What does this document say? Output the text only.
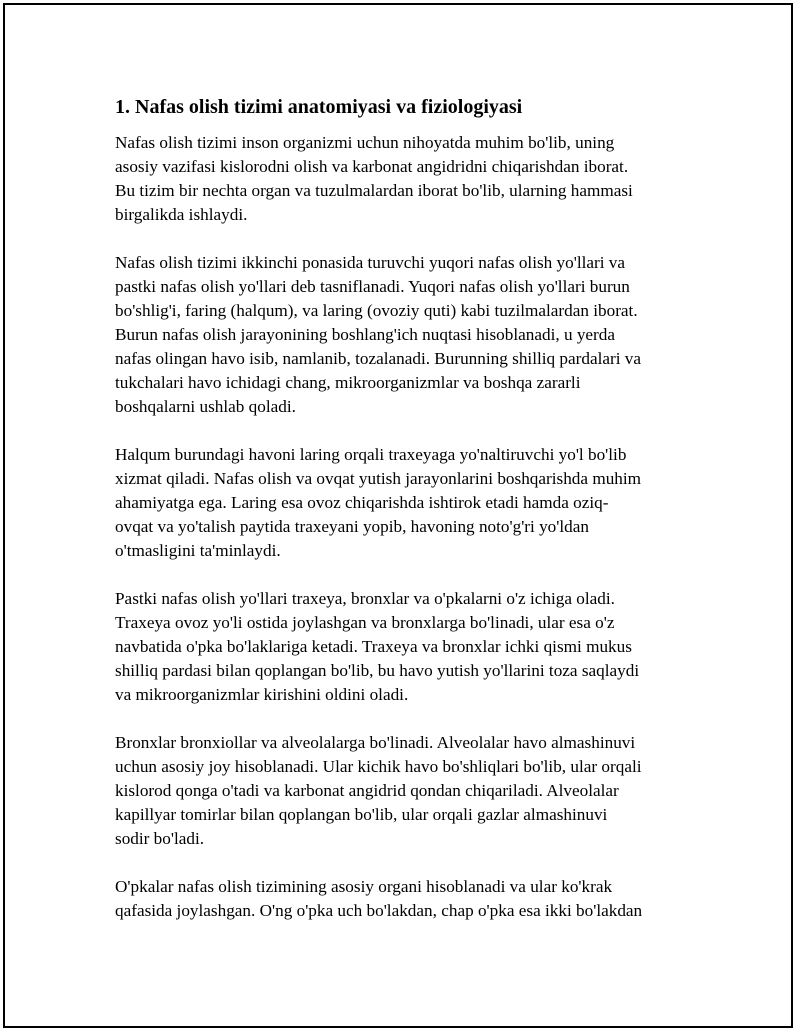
1. Nafas olish tizimi anatomiyasi va fiziologiyasi
Nafas olish tizimi inson organizmi uchun nihoyatda muhim bo'lib, uning
asosiy vazifasi kislorodni olish va karbonat angidridni chiqarishdan iborat.
Bu tizim bir nechta organ va tuzulmalardan iborat bo'lib, ularning hammasi
birgalikda ishlaydi.
Nafas olish tizimi ikkinchi ponasida turuvchi yuqori nafas olish yo'llari va
pastki nafas olish yo'llari deb tasniflanadi. Yuqori nafas olish yo'llari burun
bo'shlig'i, faring (halqum), va laring (ovoziy quti) kabi tuzilmalardan iborat.
Burun nafas olish jarayonining boshlang'ich nuqtasi hisoblanadi, u yerda
nafas olingan havo isib, namlanib, tozalanadi. Burunning shilliq pardalari va
tukchalari havo ichidagi chang, mikroorganizmlar va boshqa zararli
boshqalarni ushlab qoladi.
Halqum burundagi havoni laring orqali traxeyaga yo'naltiruvchi yo'l bo'lib
xizmat qiladi. Nafas olish va ovqat yutish jarayonlarini boshqarishda muhim
ahamiyatga ega. Laring esa ovoz chiqarishda ishtirok etadi hamda oziq-
ovqat va yo'talish paytida traxeyani yopib, havoning noto'g'ri yo'ldan
o'tmasligini ta'minlaydi.
Pastki nafas olish yo'llari traxeya, bronxlar va o'pkalarni o'z ichiga oladi.
Traxeya ovoz yo'li ostida joylashgan va bronxlarga bo'linadi, ular esa o'z
navbatida o'pka bo'laklariga ketadi. Traxeya va bronxlar ichki qismi mukus
shilliq pardasi bilan qoplangan bo'lib, bu havo yutish yo'llarini toza saqlaydi
va mikroorganizmlar kirishini oldini oladi.
Bronxlar bronxiollar va alveolalarga bo'linadi. Alveolalar havo almashinuvi
uchun asosiy joy hisoblanadi. Ular kichik havo bo'shliqlari bo'lib, ular orqali
kislorod qonga o'tadi va karbonat angidrid qondan chiqariladi. Alveolalar
kapillyar tomirlar bilan qoplangan bo'lib, ular orqali gazlar almashinuvi
sodir bo'ladi.
O'pkalar nafas olish tizimining asosiy organi hisoblanadi va ular ko'krak
qafasida joylashgan. O'ng o'pka uch bo'lakdan, chap o'pka esa ikki bo'lakdan
